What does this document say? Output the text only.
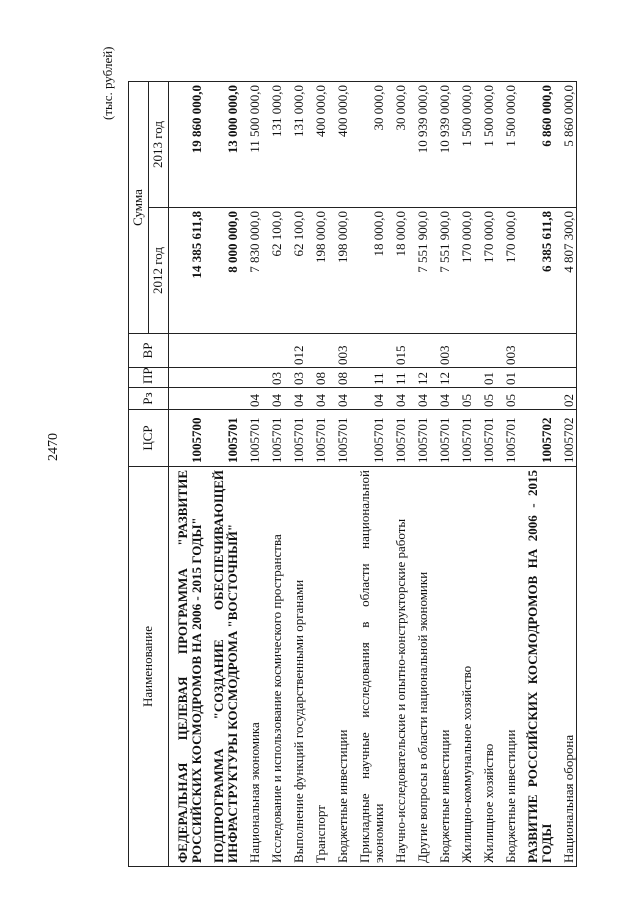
2470
(тыс. рублей)
Наименование	ЦСР	Рз	ПР	ВР	Сумма	
					2012 год	2013 год
ФЕДЕРАЛЬНАЯ ЦЕЛЕВАЯ ПРОГРАММА "РАЗВИТИЕ РОССИЙСКИХ КОСМОДРОМОВ НА 2006 - 2015 ГОДЫ"	1005700				14 385 611,8	19 860 000,0
ПОДПРОГРАММА "СОЗДАНИЕ ОБЕСПЕЧИВАЮЩЕЙ ИНФРАСТРУКТУРЫ КОСМОДРОМА "ВОСТОЧНЫЙ"	1005701				8 000 000,0	13 000 000,0
Национальная экономика	1005701	04			7 830 000,0	11 500 000,0
Исследование и использование космического пространства	1005701	04	03		62 100,0	131 000,0
Выполнение функций государственными органами	1005701	04	03	012	62 100,0	131 000,0
Транспорт	1005701	04	08		198 000,0	400 000,0
Бюджетные инвестиции	1005701	04	08	003	198 000,0	400 000,0
Прикладные научные исследования в области национальной экономики	1005701	04	11		18 000,0	30 000,0
Научно-исследовательские и опытно-конструкторские работы	1005701	04	11	015	18 000,0	30 000,0
Другие вопросы в области национальной экономики	1005701	04	12		7 551 900,0	10 939 000,0
Бюджетные инвестиции	1005701	04	12	003	7 551 900,0	10 939 000,0
Жилищно-коммунальное хозяйство	1005701	05			170 000,0	1 500 000,0
Жилищное хозяйство	1005701	05	01		170 000,0	1 500 000,0
Бюджетные инвестиции	1005701	05	01	003	170 000,0	1 500 000,0
РАЗВИТИЕ РОССИЙСКИХ КОСМОДРОМОВ НА 2006 - 2015 ГОДЫ	1005702				6 385 611,8	6 860 000,0
Национальная оборона	1005702	02			4 807 300,0	5 860 000,0
